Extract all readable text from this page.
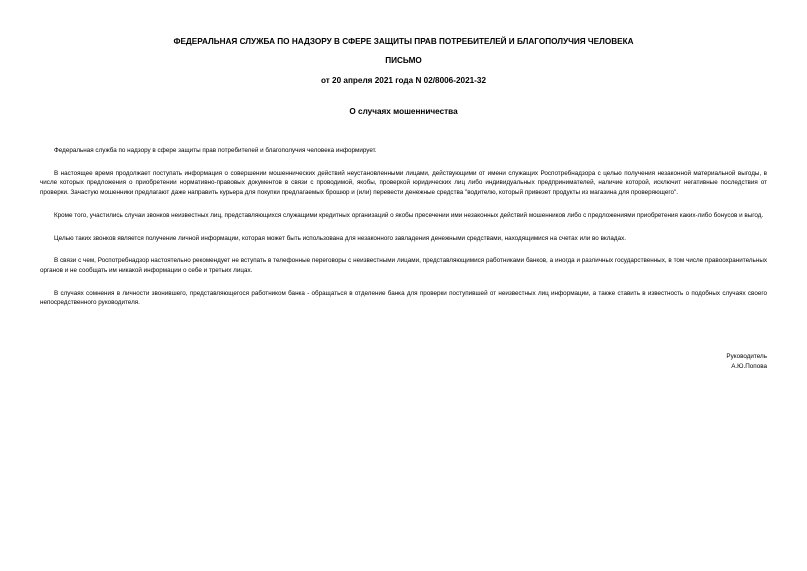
ФЕДЕРАЛЬНАЯ СЛУЖБА ПО НАДЗОРУ В СФЕРЕ ЗАЩИТЫ ПРАВ ПОТРЕБИТЕЛЕЙ И БЛАГОПОЛУЧИЯ ЧЕЛОВЕКА
ПИСЬМО
от 20 апреля 2021 года N 02/8006-2021-32
О случаях мошенничества

Федеральная служба по надзору в сфере защиты прав потребителей и благополучия человека информирует.

В настоящее время продолжает поступать информация о совершении мошеннических действий неустановленными лицами, действующими от имени служащих Роспотребнадзора с целью получения незаконной материальной выгоды, в числе которых предложения о приобретении нормативно-правовых документов в связи с проводимой, якобы, проверкой юридических лиц либо индивидуальных предпринимателей, наличие которой, исключит негативные последствия от проверки. Зачастую мошенники предлагают даже направить курьера для покупки предлагаемых брошюр и (или) перевести денежные средства "водителю, который привезет продукты из магазина для проверяющего".

Кроме того, участились случаи звонков неизвестных лиц, представляющихся служащими кредитных организаций о якобы пресечении ими незаконных действий мошенников либо с предложениями приобретения каких-либо бонусов и выгод.

Целью таких звонков является получение личной информации, которая может быть использована для незаконного завладения денежными средствами, находящимися на счетах или во вкладах.

В связи с чем, Роспотребнадзор настоятельно рекомендует не вступать в телефонные переговоры с неизвестными лицами, представляющимися работниками банков, а иногда и различных государственных, в том числе правоохранительных органов и не сообщать им никакой информации о себе и третьих лицах.

В случаях сомнения в личности звонившего, представляющегося работником банка - обращаться в отделение банка для проверки поступившей от неизвестных лиц информации, а также ставить в известность о подобных случаях своего непосредственного руководителя.

Руководитель
А.Ю.Попова
